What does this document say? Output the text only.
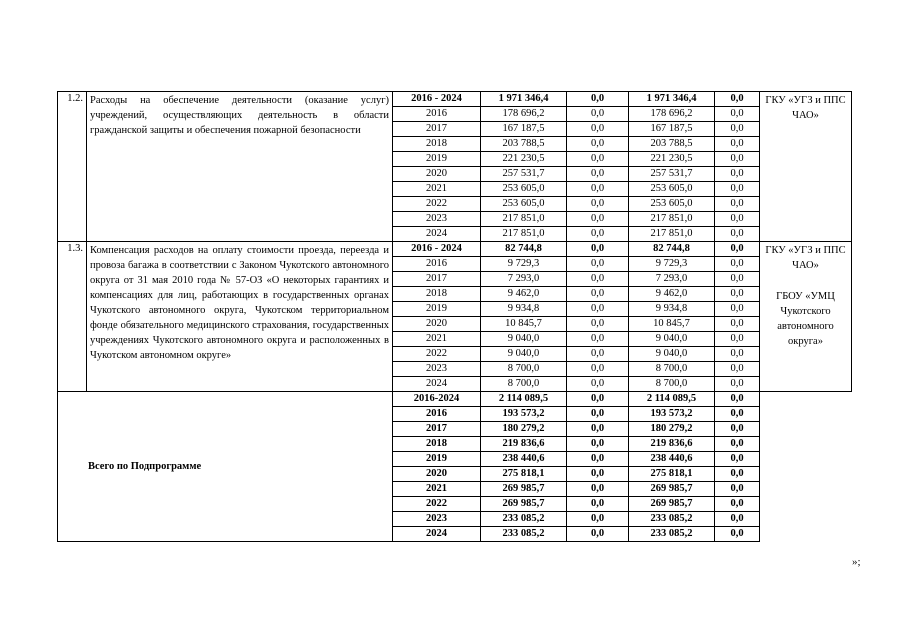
1.2.	Расходы на обеспечение деятельности (оказание услуг) учреждений, осуществляющих деятельность в области гражданской защиты и обеспечения пожарной безопасности	2016 - 2024	1 971 346,4	0,0	1 971 346,4	0,0	ГКУ «УГЗ и ППС ЧАО»

		2016	178 696,2	0,0	178 696,2	0,0	
		2017	167 187,5	0,0	167 187,5	0,0	
		2018	203 788,5	0,0	203 788,5	0,0	
		2019	221 230,5	0,0	221 230,5	0,0	
		2020	257 531,7	0,0	257 531,7	0,0	
		2021	253 605,0	0,0	253 605,0	0,0	
		2022	253 605,0	0,0	253 605,0	0,0	
		2023	217 851,0	0,0	217 851,0	0,0	
		2024	217 851,0	0,0	217 851,0	0,0	
1.3.	Компенсация расходов на оплату стоимости проезда, переезда и провоза багажа в соответствии с Законом Чукотского автономного округа от 31 мая 2010 года № 57-ОЗ «О некоторых гарантиях и компенсациях для лиц, работающих в государственных органах Чукотского автономного округа, Чукотском территориальном фонде обязательного медицинского страхования, государственных учреждениях Чукотского автономного округа и расположенных в Чукотском автономном округе»	2016 - 2024	82 744,8	0,0	82 744,8	0,0	ГКУ «УГЗ и ППС ЧАО»
ГБОУ «УМЦ Чукотского автономного округа»

		2016	9 729,3	0,0	9 729,3	0,0	
		2017	7 293,0	0,0	7 293,0	0,0	
		2018	9 462,0	0,0	9 462,0	0,0	
		2019	9 934,8	0,0	9 934,8	0,0	
		2020	10 845,7	0,0	10 845,7	0,0	
		2021	9 040,0	0,0	9 040,0	0,0	
		2022	9 040,0	0,0	9 040,0	0,0	
		2023	8 700,0	0,0	8 700,0	0,0	
		2024	8 700,0	0,0	8 700,0	0,0	
Всего по Подпрограмме		2016-2024	2 114 089,5	0,0	2 114 089,5	0,0	
		2016	193 573,2	0,0	193 573,2	0,0	
		2017	180 279,2	0,0	180 279,2	0,0	
		2018	219 836,6	0,0	219 836,6	0,0	
		2019	238 440,6	0,0	238 440,6	0,0	
		2020	275 818,1	0,0	275 818,1	0,0	
		2021	269 985,7	0,0	269 985,7	0,0	
		2022	269 985,7	0,0	269 985,7	0,0	
		2023	233 085,2	0,0	233 085,2	0,0	
		2024	233 085,2	0,0	233 085,2	0,0	
»;
